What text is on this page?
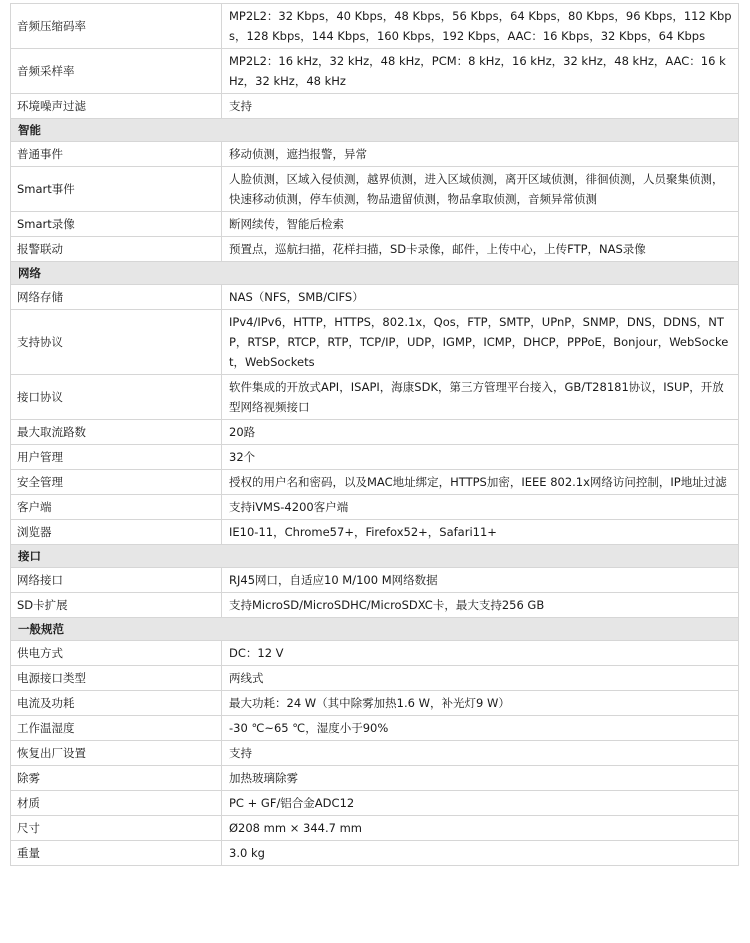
音频压缩码率	MP2L2：32 Kbps，40 Kbps，48 Kbps，56 Kbps，64 Kbps，80 Kbps，96 Kbps，112 Kbps，128 Kbps，144 Kbps，160 Kbps，192 Kbps，AAC：16 Kbps，32 Kbps，64 Kbps
音频采样率	MP2L2：16 kHz，32 kHz，48 kHz，PCM：8 kHz，16 kHz，32 kHz，48 kHz，AAC：16 kHz，32 kHz，48 kHz
环境噪声过滤	支持
智能	
普通事件	移动侦测，遮挡报警，异常
Smart事件	人脸侦测，区域入侵侦测，越界侦测，进入区域侦测，离开区域侦测，徘徊侦测，人员聚集侦测，快速移动侦测，停车侦测，物品遗留侦测，物品拿取侦测，音频异常侦测
Smart录像	断网续传，智能后检索
报警联动	预置点，巡航扫描，花样扫描，SD卡录像，邮件，上传中心，上传FTP，NAS录像
网络	
网络存储	NAS（NFS，SMB/CIFS）
支持协议	IPv4/IPv6，HTTP，HTTPS，802.1x，Qos，FTP，SMTP，UPnP，SNMP，DNS，DDNS，NTP，RTSP，RTCP，RTP，TCP/IP，UDP，IGMP，ICMP，DHCP，PPPoE，Bonjour，WebSocket，WebSockets
接口协议	软件集成的开放式API，ISAPI，海康SDK，第三方管理平台接入，GB/T28181协议，ISUP，开放型网络视频接口
最大取流路数	20路
用户管理	32个
安全管理	授权的用户名和密码，以及MAC地址绑定，HTTPS加密，IEEE 802.1x网络访问控制，IP地址过滤
客户端	支持iVMS-4200客户端
浏览器	IE10-11，Chrome57+，Firefox52+，Safari11+
接口	
网络接口	RJ45网口，自适应10 M/100 M网络数据
SD卡扩展	支持MicroSD/MicroSDHC/MicroSDXC卡，最大支持256 GB
一般规范	
供电方式	DC：12 V
电源接口类型	两线式
电流及功耗	最大功耗：24 W（其中除雾加热1.6 W，补光灯9 W）
工作温湿度	-30 ℃~65 ℃，湿度小于90%
恢复出厂设置	支持
除雾	加热玻璃除雾
材质	PC + GF/铝合金ADC12
尺寸	Ø208 mm × 344.7 mm
重量	3.0 kg
